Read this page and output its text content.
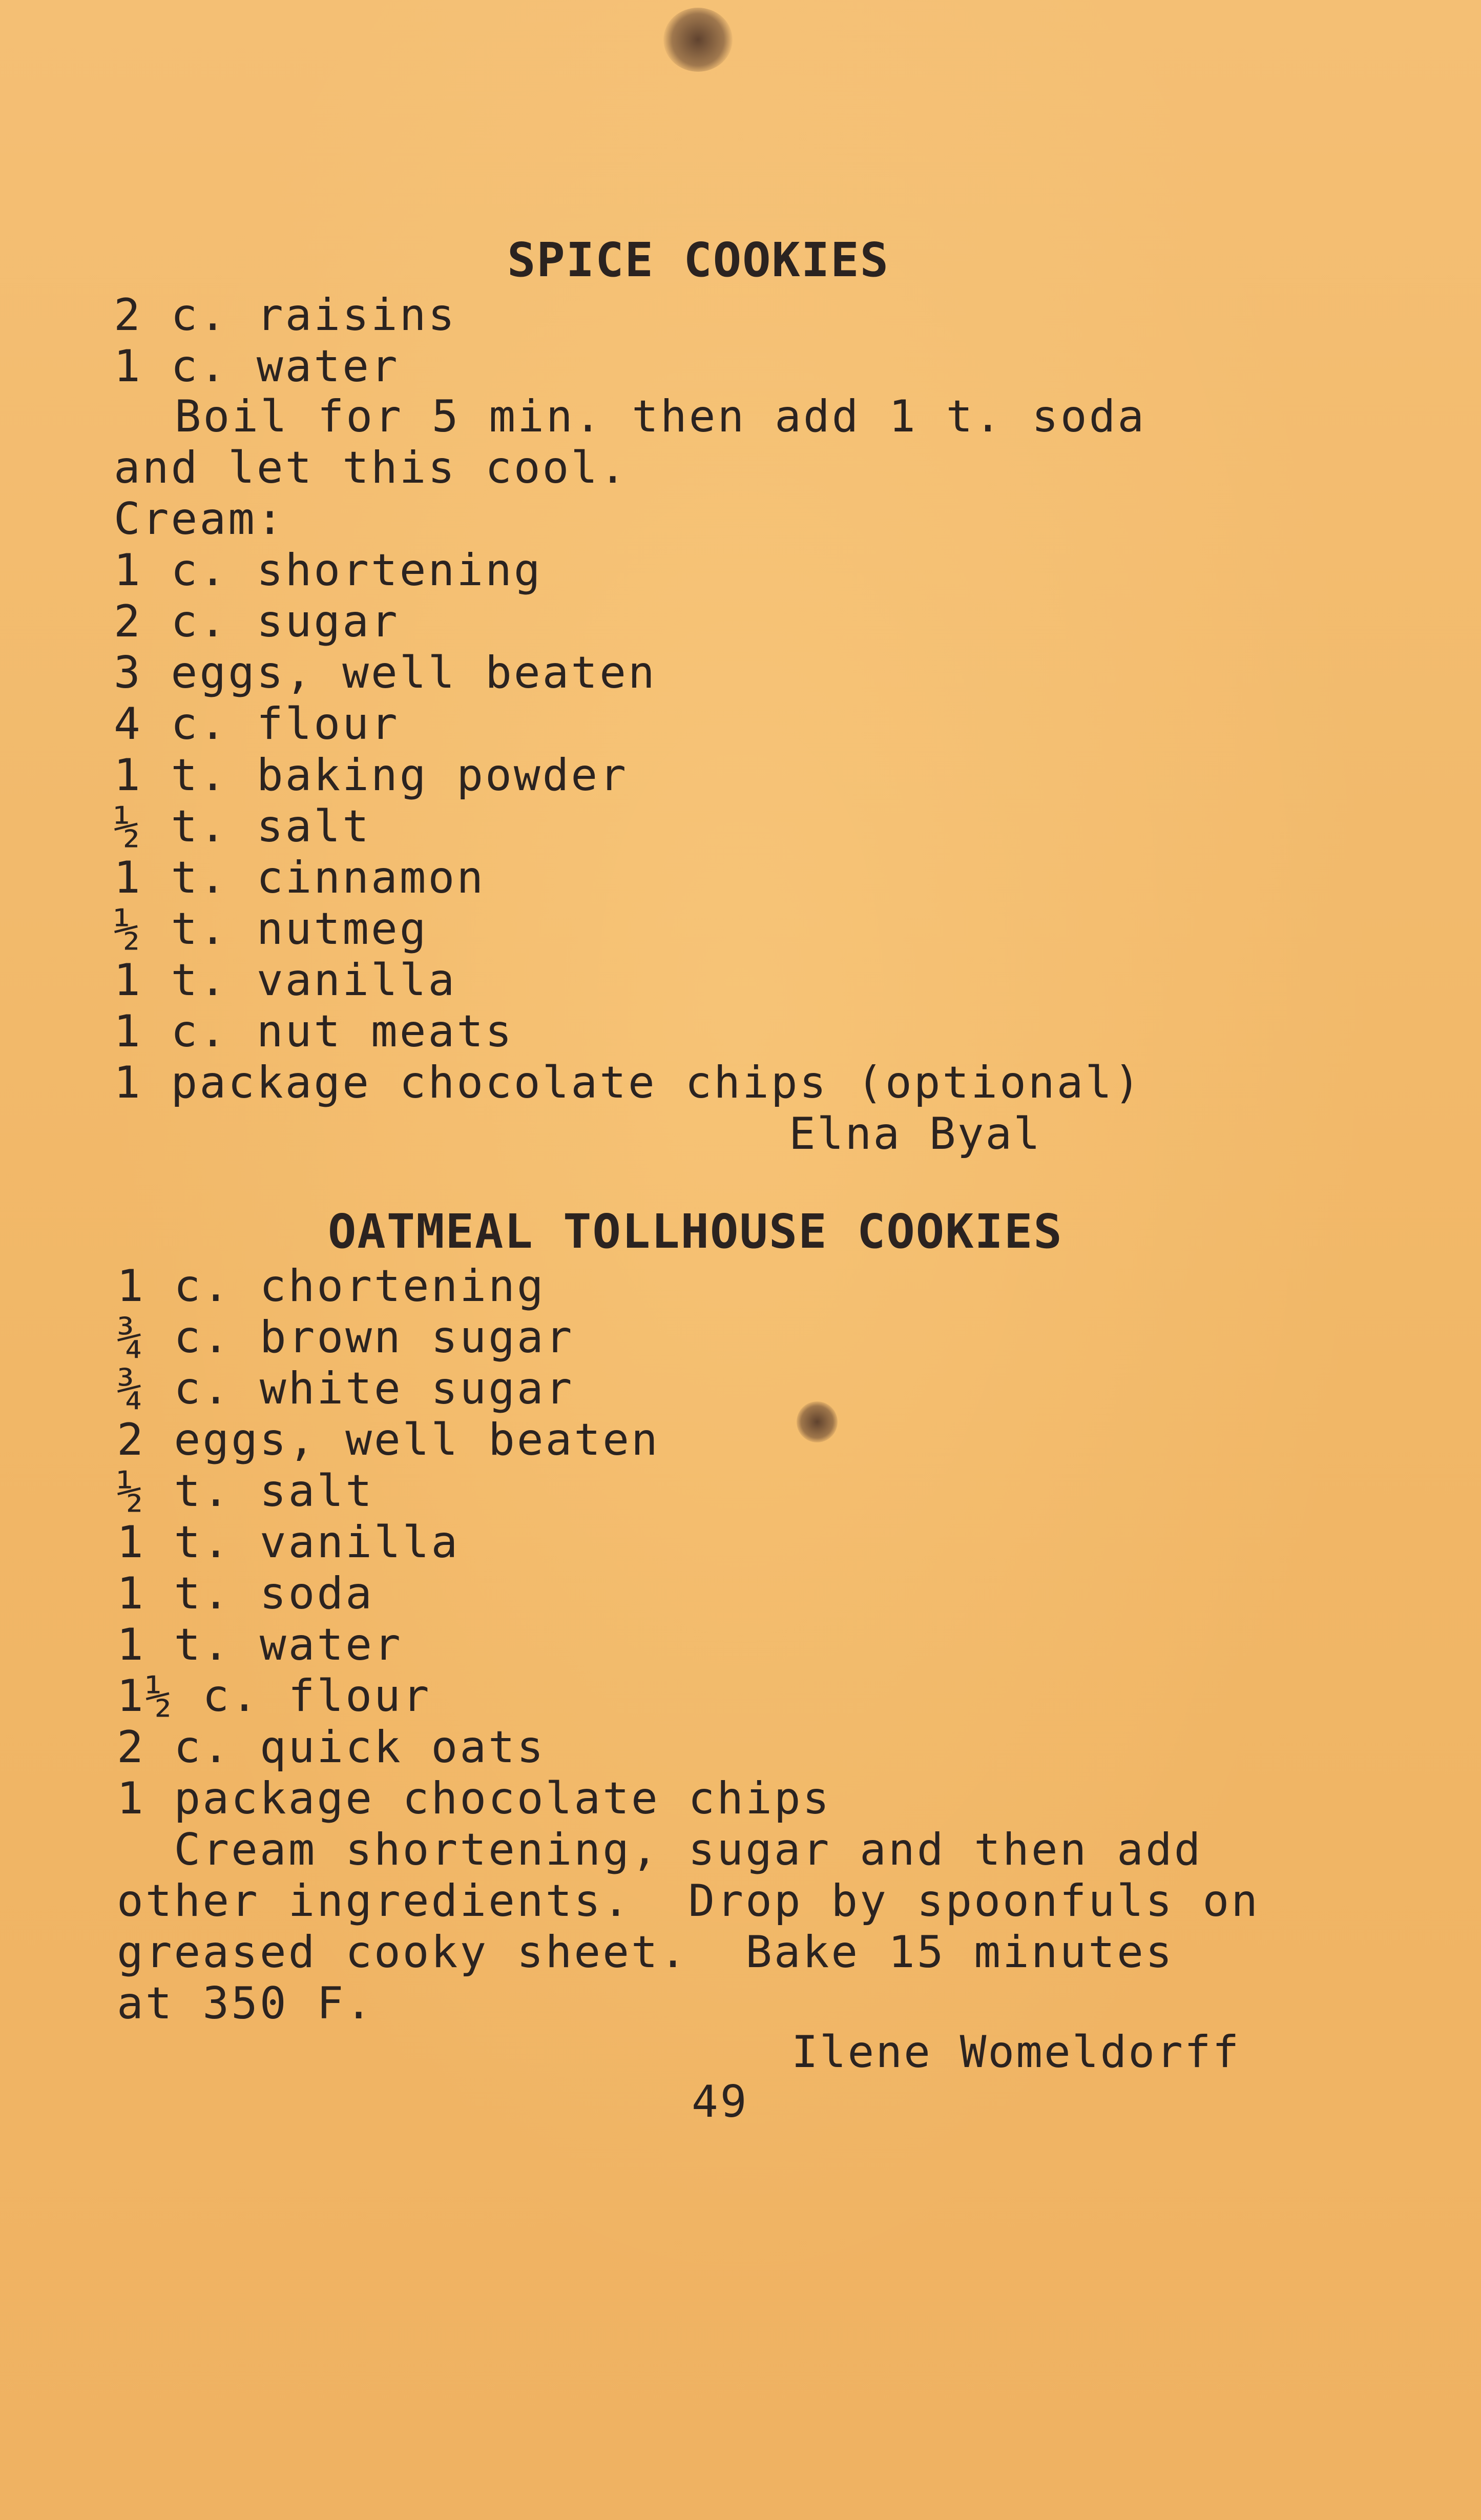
SPICE COOKIES
2 c. raisins
1 c. water
Boil for 5 min. then add 1 t. soda
and let this cool.
Cream:
1 c. shortening
2 c. sugar
3 eggs, well beaten
4 c. flour
1 t. baking powder
½ t. salt
1 t. cinnamon
½ t. nutmeg
1 t. vanilla
1 c. nut meats
1 package chocolate chips (optional)
Elna Byal
OATMEAL TOLLHOUSE COOKIES
1 c. chortening
¾ c. brown sugar
¾ c. white sugar
2 eggs, well beaten
½ t. salt
1 t. vanilla
1 t. soda
1 t. water
1½ c. flour
2 c. quick oats
1 package chocolate chips
Cream shortening, sugar and then add
other ingredients.  Drop by spoonfuls on
greased cooky sheet.  Bake 15 minutes
at 350 F.
Ilene Womeldorff
49
